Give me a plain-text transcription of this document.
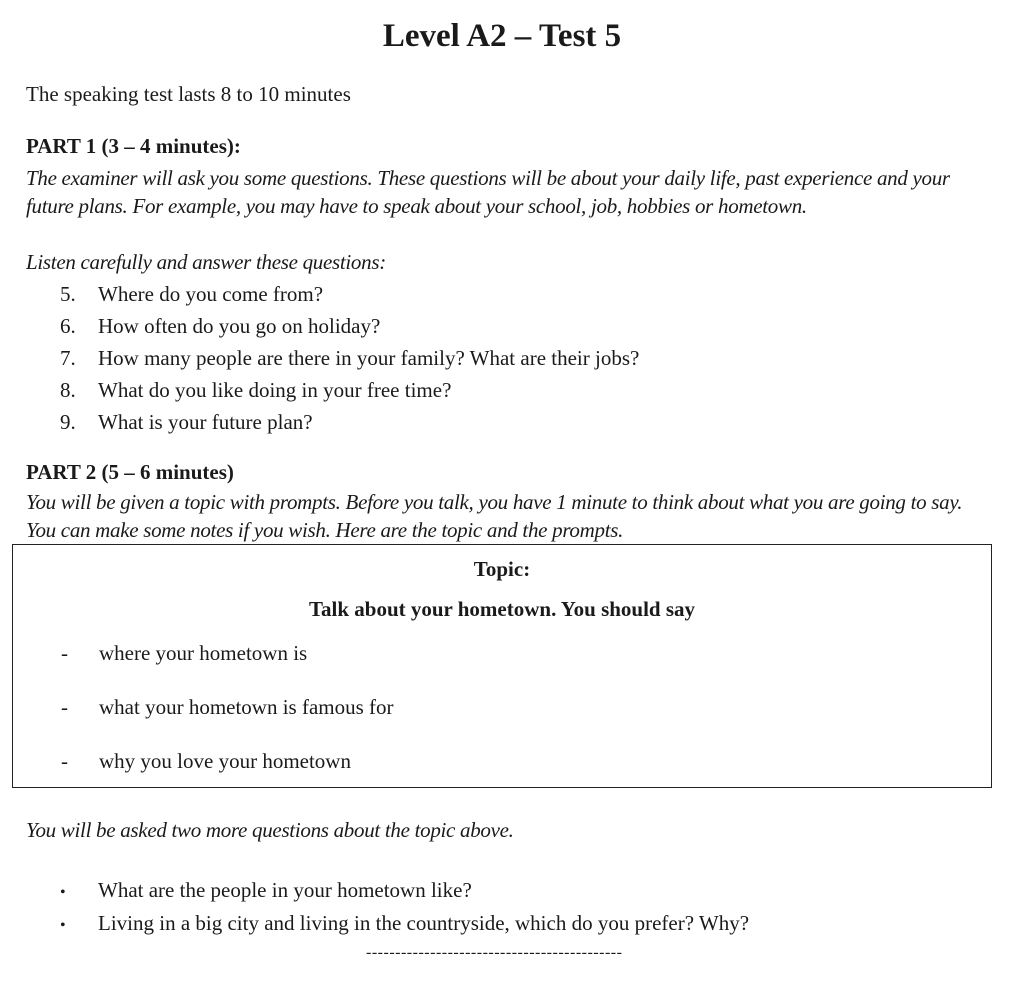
Level A2 – Test 5

The speaking test lasts 8 to 10 minutes

PART 1 (3 – 4 minutes):

The examiner will ask you some questions. These questions will be about your daily life, past experience and your future plans. For example, you may have to speak about your school, job, hobbies or hometown.

Listen carefully and answer these questions:

5. Where do you come from?
6. How often do you go on holiday?
7. How many people are there in your family? What are their jobs?
8. What do you like doing in your free time?
9. What is your future plan?

PART 2 (5 – 6 minutes)

You will be given a topic with prompts. Before you talk, you have 1 minute to think about what you are going to say. You can make some notes if you wish. Here are the topic and the prompts.

Topic:

Talk about your hometown. You should say

- where your hometown is
- what your hometown is famous for
- why you love your hometown

You will be asked two more questions about the topic above.

• What are the people in your hometown like?
• Living in a big city and living in the countryside, which do you prefer? Why?

--------------------------------------------
